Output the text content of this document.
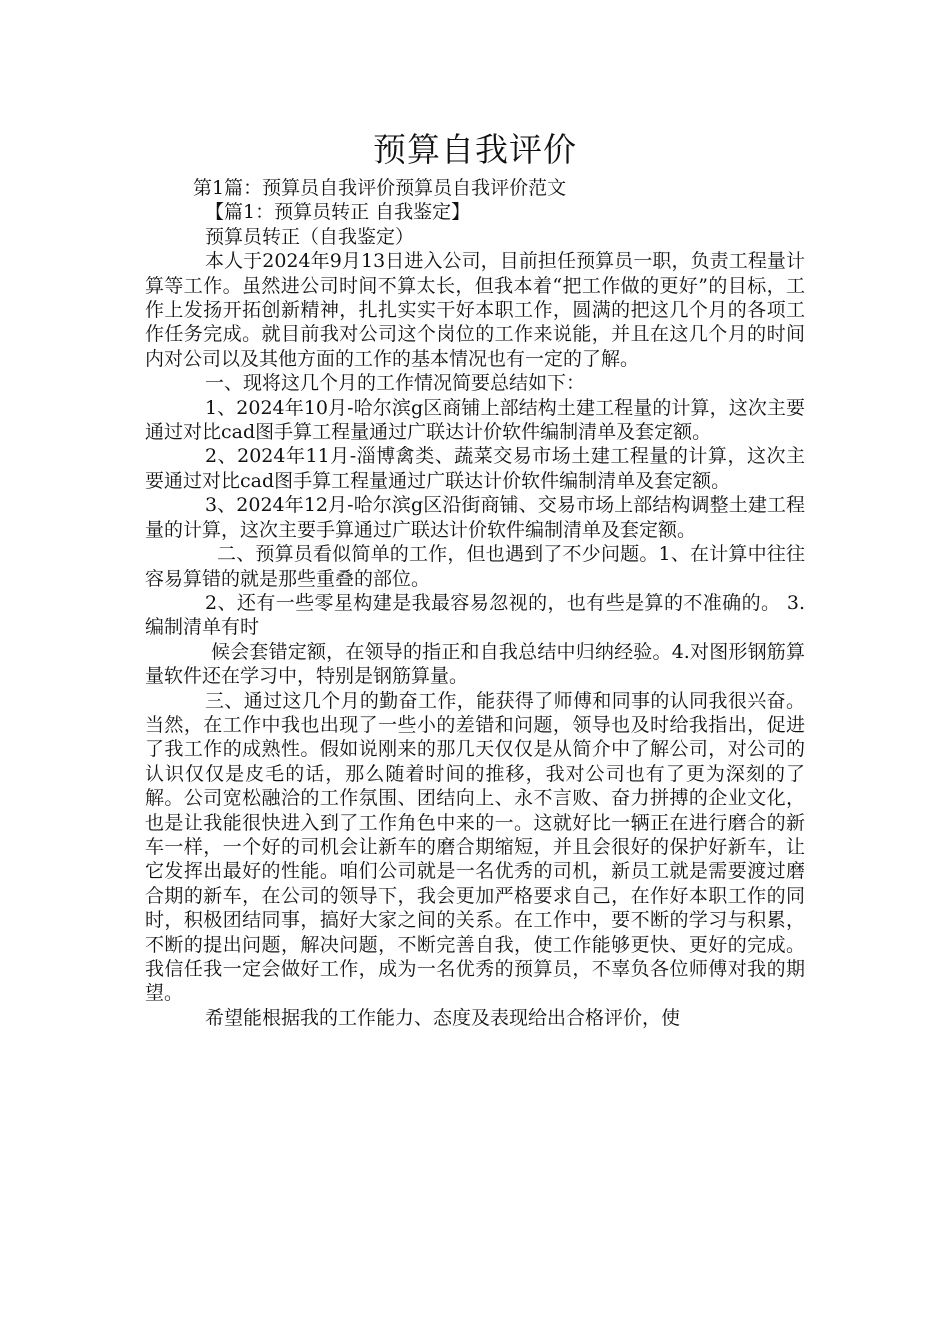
预算自我评价

第1篇：预算员自我评价预算员自我评价范文

【篇1：预算员转正 自我鉴定】

预算员转正（自我鉴定）

本人于2024年9月13日进入公司，目前担任预算员一职，负责工程量计算等工作。虽然进公司时间不算太长，但我本着“把工作做的更好”的目标，工作上发扬开拓创新精神，扎扎实实干好本职工作，圆满的把这几个月的各项工作任务完成。就目前我对公司这个岗位的工作来说能，并且在这几个月的时间内对公司以及其他方面的工作的基本情况也有一定的了解。

一、现将这几个月的工作情况简要总结如下：

1、2024年10月-哈尔滨g区商铺上部结构土建工程量的计算，这次主要通过对比cad图手算工程量通过广联达计价软件编制清单及套定额。

2、2024年11月-淄博禽类、蔬菜交易市场土建工程量的计算，这次主要通过对比cad图手算工程量通过广联达计价软件编制清单及套定额。

3、2024年12月-哈尔滨g区沿街商铺、交易市场上部结构调整土建工程量的计算，这次主要手算通过广联达计价软件编制清单及套定额。

二、预算员看似简单的工作，但也遇到了不少问题。1、在计算中往往容易算错的就是那些重叠的部位。

2、还有一些零星构建是我最容易忽视的，也有些是算的不准确的。 3.编制清单有时

候会套错定额，在领导的指正和自我总结中归纳经验。4.对图形钢筋算量软件还在学习中，特别是钢筋算量。

三、通过这几个月的勤奋工作，能获得了师傅和同事的认同我很兴奋。当然，在工作中我也出现了一些小的差错和问题，领导也及时给我指出，促进了我工作的成熟性。假如说刚来的那几天仅仅是从简介中了解公司，对公司的认识仅仅是皮毛的话，那么随着时间的推移，我对公司也有了更为深刻的了解。公司宽松融洽的工作氛围、团结向上、永不言败、奋力拼搏的企业文化，也是让我能很快进入到了工作角色中来的一。这就好比一辆正在进行磨合的新车一样，一个好的司机会让新车的磨合期缩短，并且会很好的保护好新车，让它发挥出最好的性能。咱们公司就是一名优秀的司机，新员工就是需要渡过磨合期的新车，在公司的领导下，我会更加严格要求自己，在作好本职工作的同时，积极团结同事，搞好大家之间的关系。在工作中，要不断的学习与积累，不断的提出问题，解决问题，不断完善自我，使工作能够更快、更好的完成。我信任我一定会做好工作，成为一名优秀的预算员，不辜负各位师傅对我的期望。

希望能根据我的工作能力、态度及表现给出合格评价，使
